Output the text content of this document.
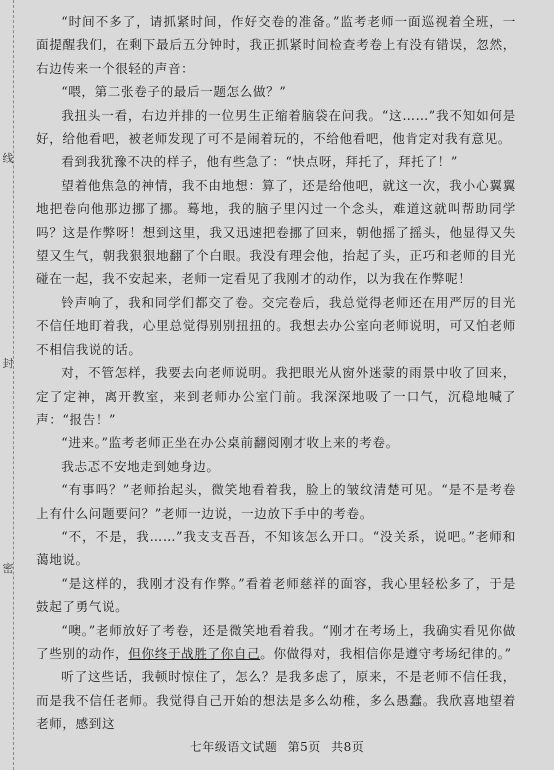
线
封
密

“时间不多了，请抓紧时间，作好交卷的准备。”监考老师一面巡视着全班，一面提醒我们，在剩下最后五分钟时，我正抓紧时间检查考卷上有没有错误，忽然，右边传来一个很轻的声音：

“喂，第二张卷子的最后一题怎么做？”

我扭头一看，右边并排的一位男生正缩着脑袋在问我。“这……”我不知如何是好，给他看吧，被老师发现了可不是闹着玩的，不给他看吧，他肯定对我有意见。

看到我犹豫不决的样子，他有些急了：“快点呀，拜托了，拜托了！”

望着他焦急的神情，我不由地想：算了，还是给他吧，就这一次，我小心翼翼地把卷向他那边挪了挪。蓦地，我的脑子里闪过一个念头，难道这就叫帮助同学吗？这是作弊呀！想到这里，我又迅速把卷挪了回来，朝他摇了摇头，他显得又失望又生气，朝我狠狠地翻了个白眼。我没有理会他，抬起了头，正巧和老师的目光碰在一起，我不安起来，老师一定看见了我刚才的动作，以为我在作弊呢！

铃声响了，我和同学们都交了卷。交完卷后，我总觉得老师还在用严厉的目光不信任地盯着我，心里总觉得别别扭扭的。我想去办公室向老师说明，可又怕老师不相信我说的话。

对，不管怎样，我要去向老师说明。我把眼光从窗外迷蒙的雨景中收了回来，定了定神，离开教室，来到老师办公室门前。我深深地吸了一口气，沉稳地喊了声：“报告！”

“进来。”监考老师正坐在办公桌前翻阅刚才收上来的考卷。

我忐忑不安地走到她身边。

“有事吗？”老师抬起头，微笑地看着我，脸上的皱纹清楚可见。“是不是考卷上有什么问题要问？”老师一边说，一边放下手中的考卷。

“不，不是，我……”我支支吾吾，不知该怎么开口。“没关系，说吧。”老师和蔼地说。

“是这样的，我刚才没有作弊。”看着老师慈祥的面容，我心里轻松多了，于是鼓起了勇气说。

“噢。”老师放好了考卷，还是微笑地看着我。“刚才在考场上，我确实看见你做了些别的动作，但你终于战胜了你自己。你做得对，我相信你是遵守考场纪律的。”

听了这些话，我顿时惊住了，怎么？是我多虑了，原来，不是老师不信任我，而是我不信任老师。我觉得自己开始的想法是多么幼稚，多么愚蠢。我欣喜地望着老师，感到这

七年级语文试题 第5页 共8页
